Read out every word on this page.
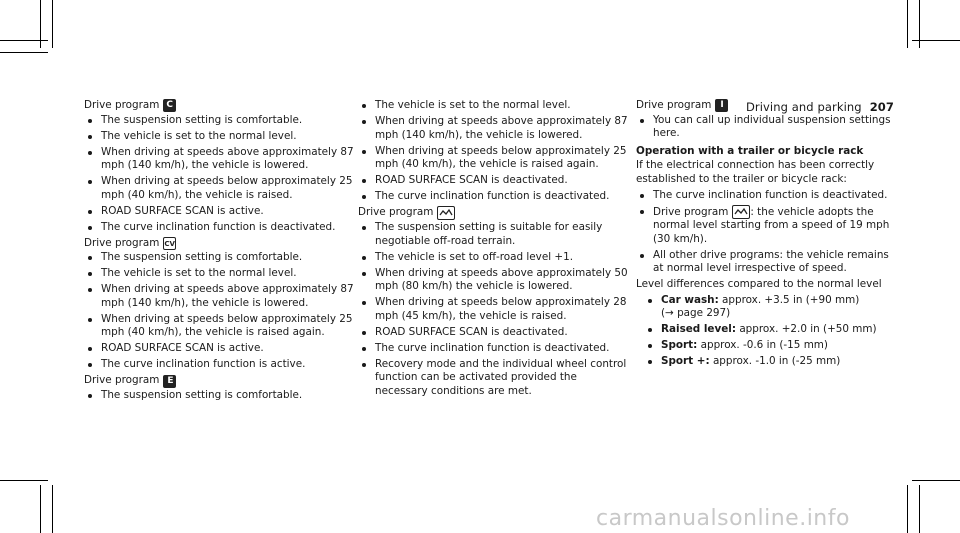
Driving and parking 207
Drive program
C
The suspension setting is comfortable.
The vehicle is set to the normal level.
When driving at speeds above approximately 87 mph (140 km/h), the vehicle is lowered.
When driving at speeds below approximately 25 mph (40 km/h), the vehicle is raised.
ROAD SURFACE SCAN is active.
The curve inclination function is deactivated.
Drive program
CV
The suspension setting is comfortable.
The vehicle is set to the normal level.
When driving at speeds above approximately 87 mph (140 km/h), the vehicle is lowered.
When driving at speeds below approximately 25 mph (40 km/h), the vehicle is raised again.
ROAD SURFACE SCAN is active.
The curve inclination function is active.
Drive program
E
The suspension setting is comfortable.
The vehicle is set to the normal level.
When driving at speeds above approximately 87 mph (140 km/h), the vehicle is lowered.
When driving at speeds below approximately 25 mph (40 km/h), the vehicle is raised again.
ROAD SURFACE SCAN is deactivated.
The curve inclination function is deactivated.
Drive program
The suspension setting is suitable for easily negotiable off-road terrain.
The vehicle is set to off-road level +1.
When driving at speeds above approximately 50 mph (80 km/h) the vehicle is lowered.
When driving at speeds below approximately 28 mph (45 km/h), the vehicle is raised.
ROAD SURFACE SCAN is deactivated.
The curve inclination function is deactivated.
Recovery mode and the individual wheel control function can be activated provided the necessary conditions are met.
Drive program
I
You can call up individual suspension settings here.
Operation with a trailer or bicycle rack
If the electrical connection has been correctly established to the trailer or bicycle rack:
The curve inclination function is deactivated.
Drive program : the vehicle adopts the normal level starting from a speed of 19 mph (30 km/h).
All other drive programs: the vehicle remains at normal level irrespective of speed.
Level differences compared to the normal level
Car wash: approx. +3.5 in (+90 mm)
(→ page 297)
Raised level: approx. +2.0 in (+50 mm)
Sport: approx. -0.6 in (-15 mm)
Sport +: approx. -1.0 in (-25 mm)
carmanualsonline.info
